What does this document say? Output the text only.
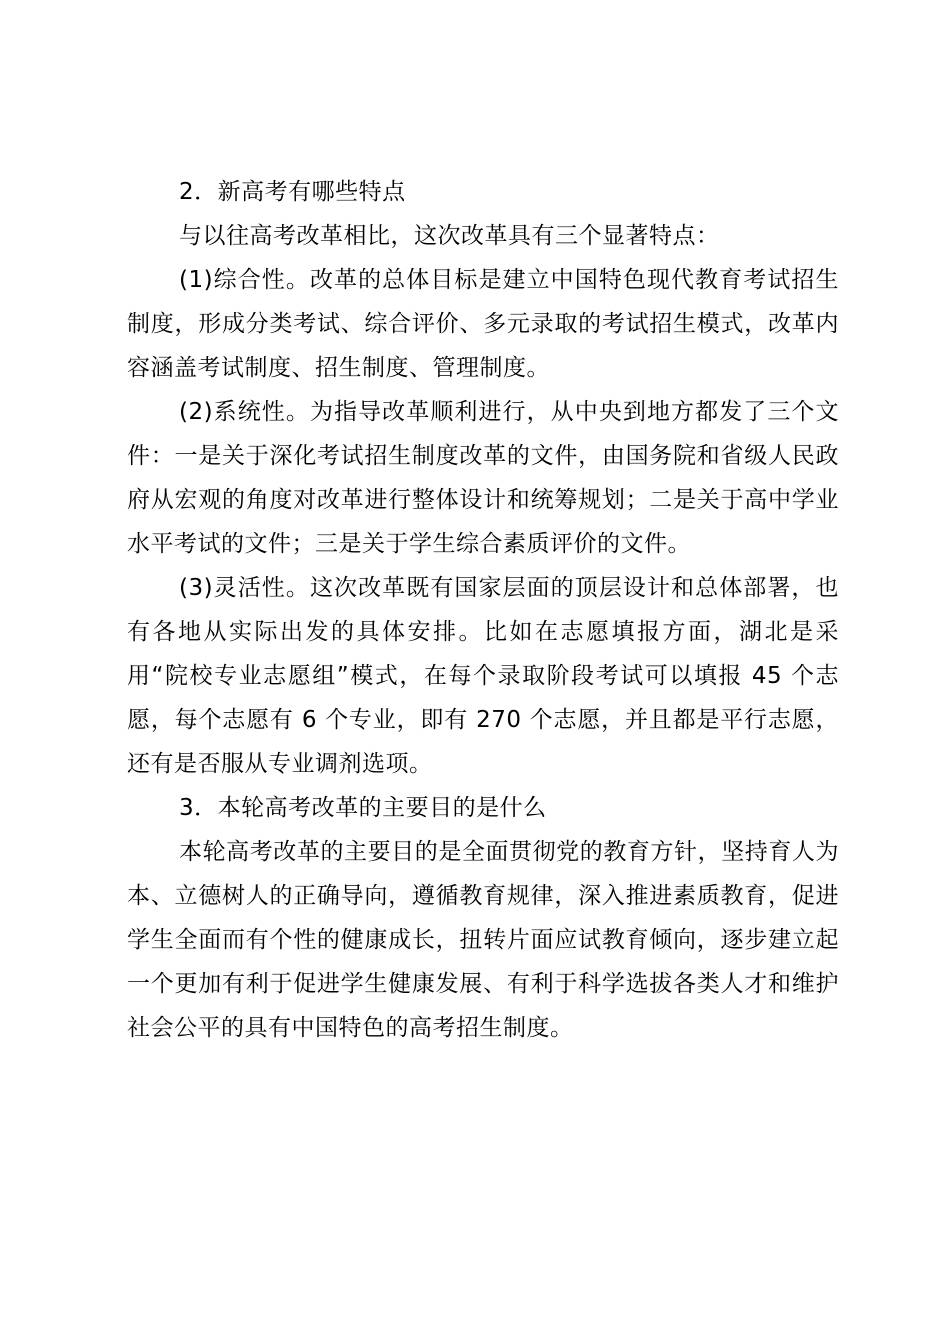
2．新高考有哪些特点

与以往高考改革相比，这次改革具有三个显著特点：

(1)综合性。改革的总体目标是建立中国特色现代教育考试招生制度，形成分类考试、综合评价、多元录取的考试招生模式，改革内容涵盖考试制度、招生制度、管理制度。

(2)系统性。为指导改革顺利进行，从中央到地方都发了三个文件：一是关于深化考试招生制度改革的文件，由国务院和省级人民政府从宏观的角度对改革进行整体设计和统筹规划；二是关于高中学业水平考试的文件；三是关于学生综合素质评价的文件。

(3)灵活性。这次改革既有国家层面的顶层设计和总体部署，也有各地从实际出发的具体安排。比如在志愿填报方面，湖北是采用“院校专业志愿组”模式，在每个录取阶段考试可以填报 45 个志愿，每个志愿有 6 个专业，即有 270 个志愿，并且都是平行志愿，还有是否服从专业调剂选项。

3．本轮高考改革的主要目的是什么

本轮高考改革的主要目的是全面贯彻党的教育方针，坚持育人为本、立德树人的正确导向，遵循教育规律，深入推进素质教育，促进学生全面而有个性的健康成长，扭转片面应试教育倾向，逐步建立起一个更加有利于促进学生健康发展、有利于科学选拔各类人才和维护社会公平的具有中国特色的高考招生制度。
